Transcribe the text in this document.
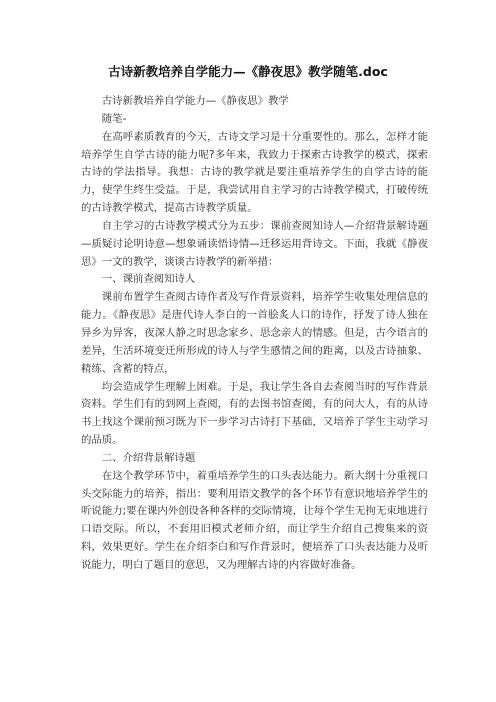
古诗新教培养自学能力—《静夜思》教学随笔.doc

古诗新教培养自学能力—《静夜思》教学

随笔-

在高呼素质教育的今天，古诗文学习是十分重要性的。那么，怎样才能培养学生自学古诗的能力呢?多年来，我致力于探索古诗教学的模式，探索古诗的学法指导。我想：古诗的教学就是要注重培养学生的自学古诗的能力，使学生终生受益。于是，我尝试用自主学习的古诗教学模式，打破传统的古诗教学模式，提高古诗教学质量。

自主学习的古诗教学模式分为五步：课前查阅知诗人—介绍背景解诗题—质疑讨论明诗意—想象诵读悟诗情—迁移运用背诗文。下面，我就《静夜思》一文的教学，谈谈古诗教学的新举措：

一、课前查阅知诗人

课前布置学生查阅古诗作者及写作背景资料，培养学生收集处理信息的能力。《静夜思》是唐代诗人李白的一首脍炙人口的诗作，抒发了诗人独在异乡为异客，夜深人静之时思念家乡、思念亲人的情感。但是，古今语言的差异，生活环境变迁所形成的诗人与学生感情之间的距离，以及古诗抽象、精练、含蓄的特点，

均会造成学生理解上困难。于是，我让学生各自去查阅当时的写作背景资料。学生们有的到网上查阅，有的去图书馆查阅，有的问大人，有的从诗书上找这个课前预习既为下一步学习古诗打下基础，又培养了学生主动学习的品质。

二、介绍背景解诗题

在这个教学环节中，着重培养学生的口头表达能力。新大纲十分重视口头交际能力的培养，指出：要利用语文教学的各个环节有意识地培养学生的听说能力;要在课内外创设各种各样的交际情境，让每个学生无拘无束地进行口语交际。所以，不套用旧模式老师介绍，而让学生介绍自己搜集来的资料，效果更好。学生在介绍李白和写作背景时，便培养了口头表达能力及听说能力，明白了题目的意思，又为理解古诗的内容做好准备。
